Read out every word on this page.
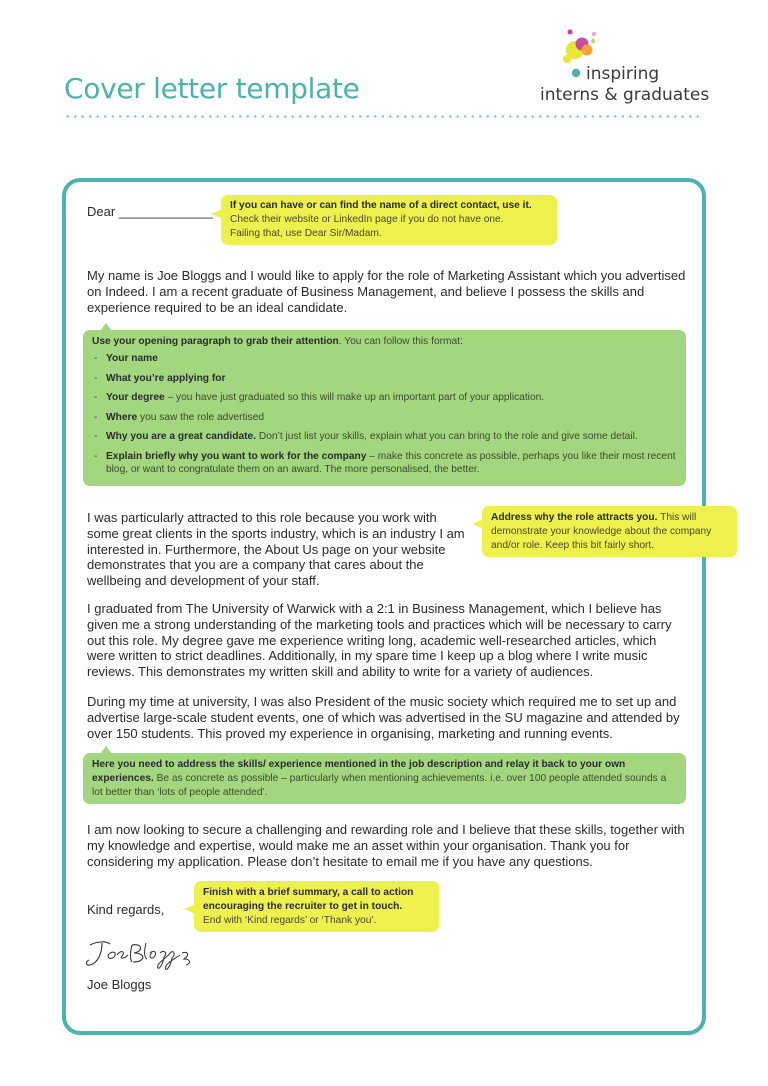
Cover letter template	inspiring
interns & graduates
Dear _____________ If you can have or can find the name of a direct contact, use it.
Check their website or LinkedIn page if you do not have one.
Failing that, use Dear Sir/Madam.
My name is Joe Bloggs and I would like to apply for the role of Marketing Assistant which you advertised on Indeed. I am a recent graduate of Business Management, and believe I possess the skills and experience required to be an ideal candidate.
Use your opening paragraph to grab their attention. You can follow this format:
- Your name
- What you’re applying for
- Your degree – you have just graduated so this will make up an important part of your application.
- Where you saw the role advertised
- Why you are a great candidate. Don’t just list your skills, explain what you can bring to the role and give some detail.
- Explain briefly why you want to work for the company – make this concrete as possible, perhaps you like their most recent blog, or want to congratulate them on an award. The more personalised, the better.
I was particularly attracted to this role because you work with some great clients in the sports industry, which is an industry I am interested in. Furthermore, the About Us page on your website demonstrates that you are a company that cares about the wellbeing and development of your staff.
Address why the role attracts you. This will demonstrate your knowledge about the company and/or role. Keep this bit fairly short.
I graduated from The University of Warwick with a 2:1 in Business Management, which I believe has given me a strong understanding of the marketing tools and practices which will be necessary to carry out this role. My degree gave me experience writing long, academic well-researched articles, which were written to strict deadlines. Additionally, in my spare time I keep up a blog where I write music reviews. This demonstrates my written skill and ability to write for a variety of audiences.
During my time at university, I was also President of the music society which required me to set up and advertise large-scale student events, one of which was advertised in the SU magazine and attended by over 150 students. This proved my experience in organising, marketing and running events.
Here you need to address the skills/ experience mentioned in the job description and relay it back to your own experiences. Be as concrete as possible – particularly when mentioning achievements. i.e. over 100 people attended sounds a lot better than ‘lots of people attended’.
I am now looking to secure a challenging and rewarding role and I believe that these skills, together with my knowledge and expertise, would make me an asset within your organisation. Thank you for considering my application. Please don’t hesitate to email me if you have any questions.
Kind regards,
Finish with a brief summary, a call to action encouraging the recruiter to get in touch.
End with ‘Kind regards’ or ‘Thank you’.
Joe Bloggs
